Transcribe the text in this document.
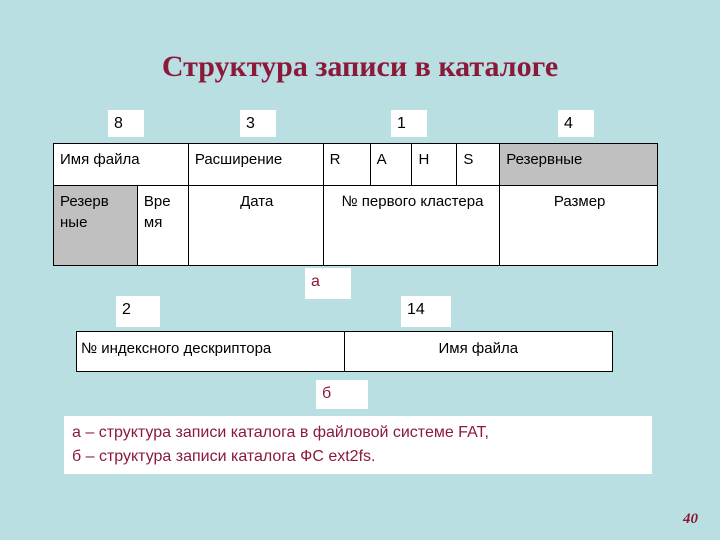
Структура записи в каталоге
8	3	1	4
Имя файла		Расширение	R	A	H	S	Резервные
Резерв ные	Вре мя	Дата	№ первого кластера				Размер
а
2	14
№ индексного дескриптора	Имя файла
б
а – структура записи каталога в файловой системе FAT,
б – структура записи каталога ФС ext2fs.
40
